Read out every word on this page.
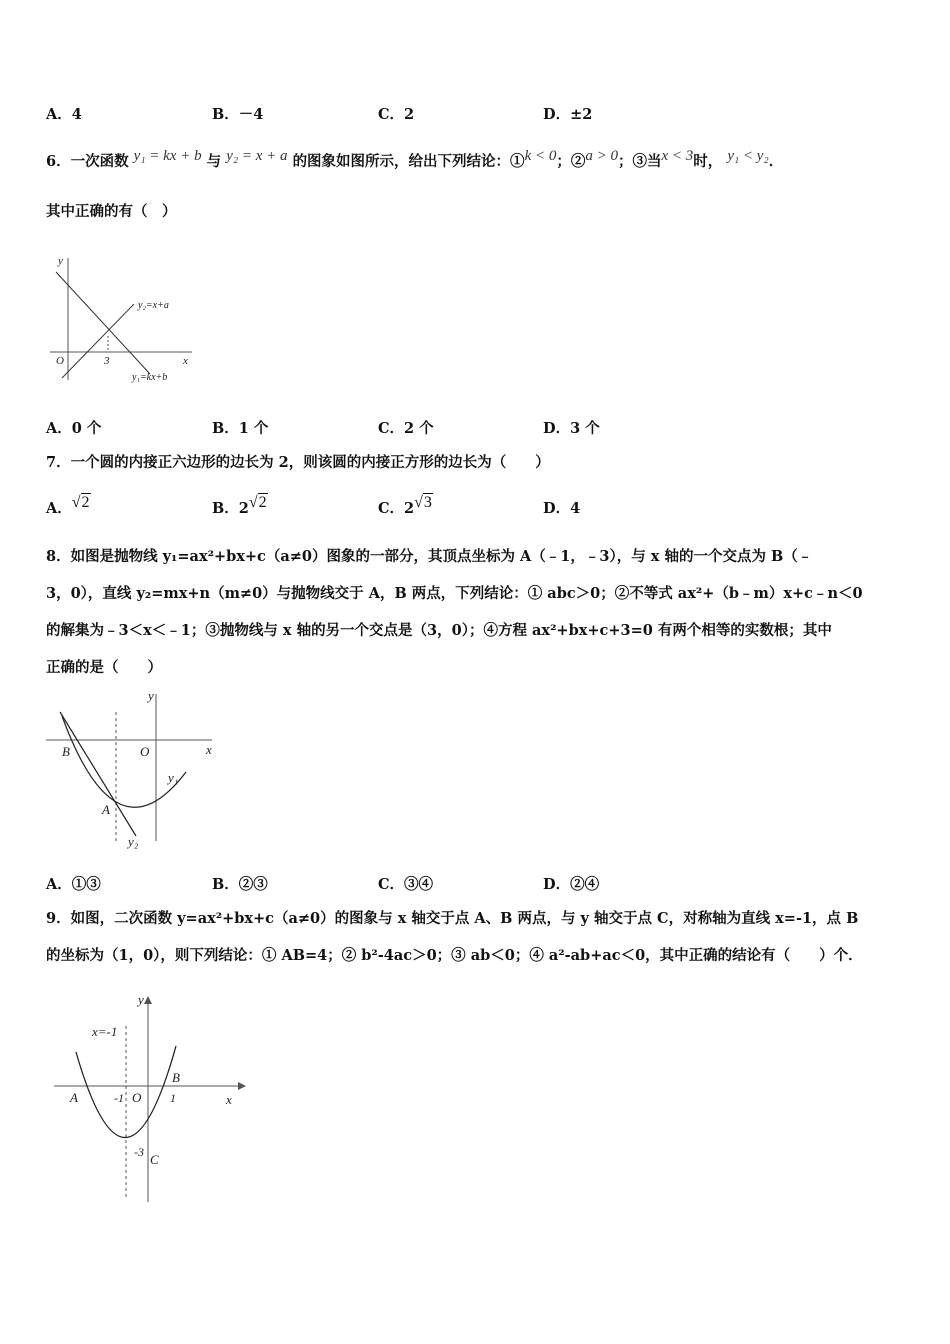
A．4	B．－4	C．2	D．±2
6．一次函数 y₁ = kx + b 与 y₂ = x + a 的图象如图所示，给出下列结论：①k < 0；②a > 0；③当x < 3时， y₁ < y₂．
其中正确的有（　）
y
x
O	3
y₂=x+a
y₁=kx+b
A．0 个	B．1 个	C．2 个	D．3 个
7．一个圆的内接正六边形的边长为 2，则该圆的内接正方形的边长为（　　）
A．√2	B．2√2	C．2√3	D．4
8．如图是抛物线 y₁=ax²+bx+c（a≠0）图象的一部分，其顶点坐标为 A（﹣1，﹣3），与 x 轴的一个交点为 B（﹣
3，0），直线 y₂=mx+n（m≠0）与抛物线交于 A，B 两点，下列结论：① abc＞0；②不等式 ax²+（b﹣m）x+c﹣n＜0
的解集为﹣3＜x＜﹣1；③抛物线与 x 轴的另一个交点是（3，0）；④方程 ax²+bx+c+3=0 有两个相等的实数根；其中
正确的是（　　）
y
x
O
B
A
y₁
y₂
A．①③	B．②③	C．③④	D．②④
9．如图，二次函数 y=ax²+bx+c（a≠0）的图象与 x 轴交于点 A、B 两点，与 y 轴交于点 C，对称轴为直线 x=-1，点 B
的坐标为（1，0），则下列结论：① AB=4；② b²-4ac＞0；③ ab＜0；④ a²-ab+ac＜0，其中正确的结论有（　　）个．
y
x
x=-1
O
-1	1
-3
A
B
C
